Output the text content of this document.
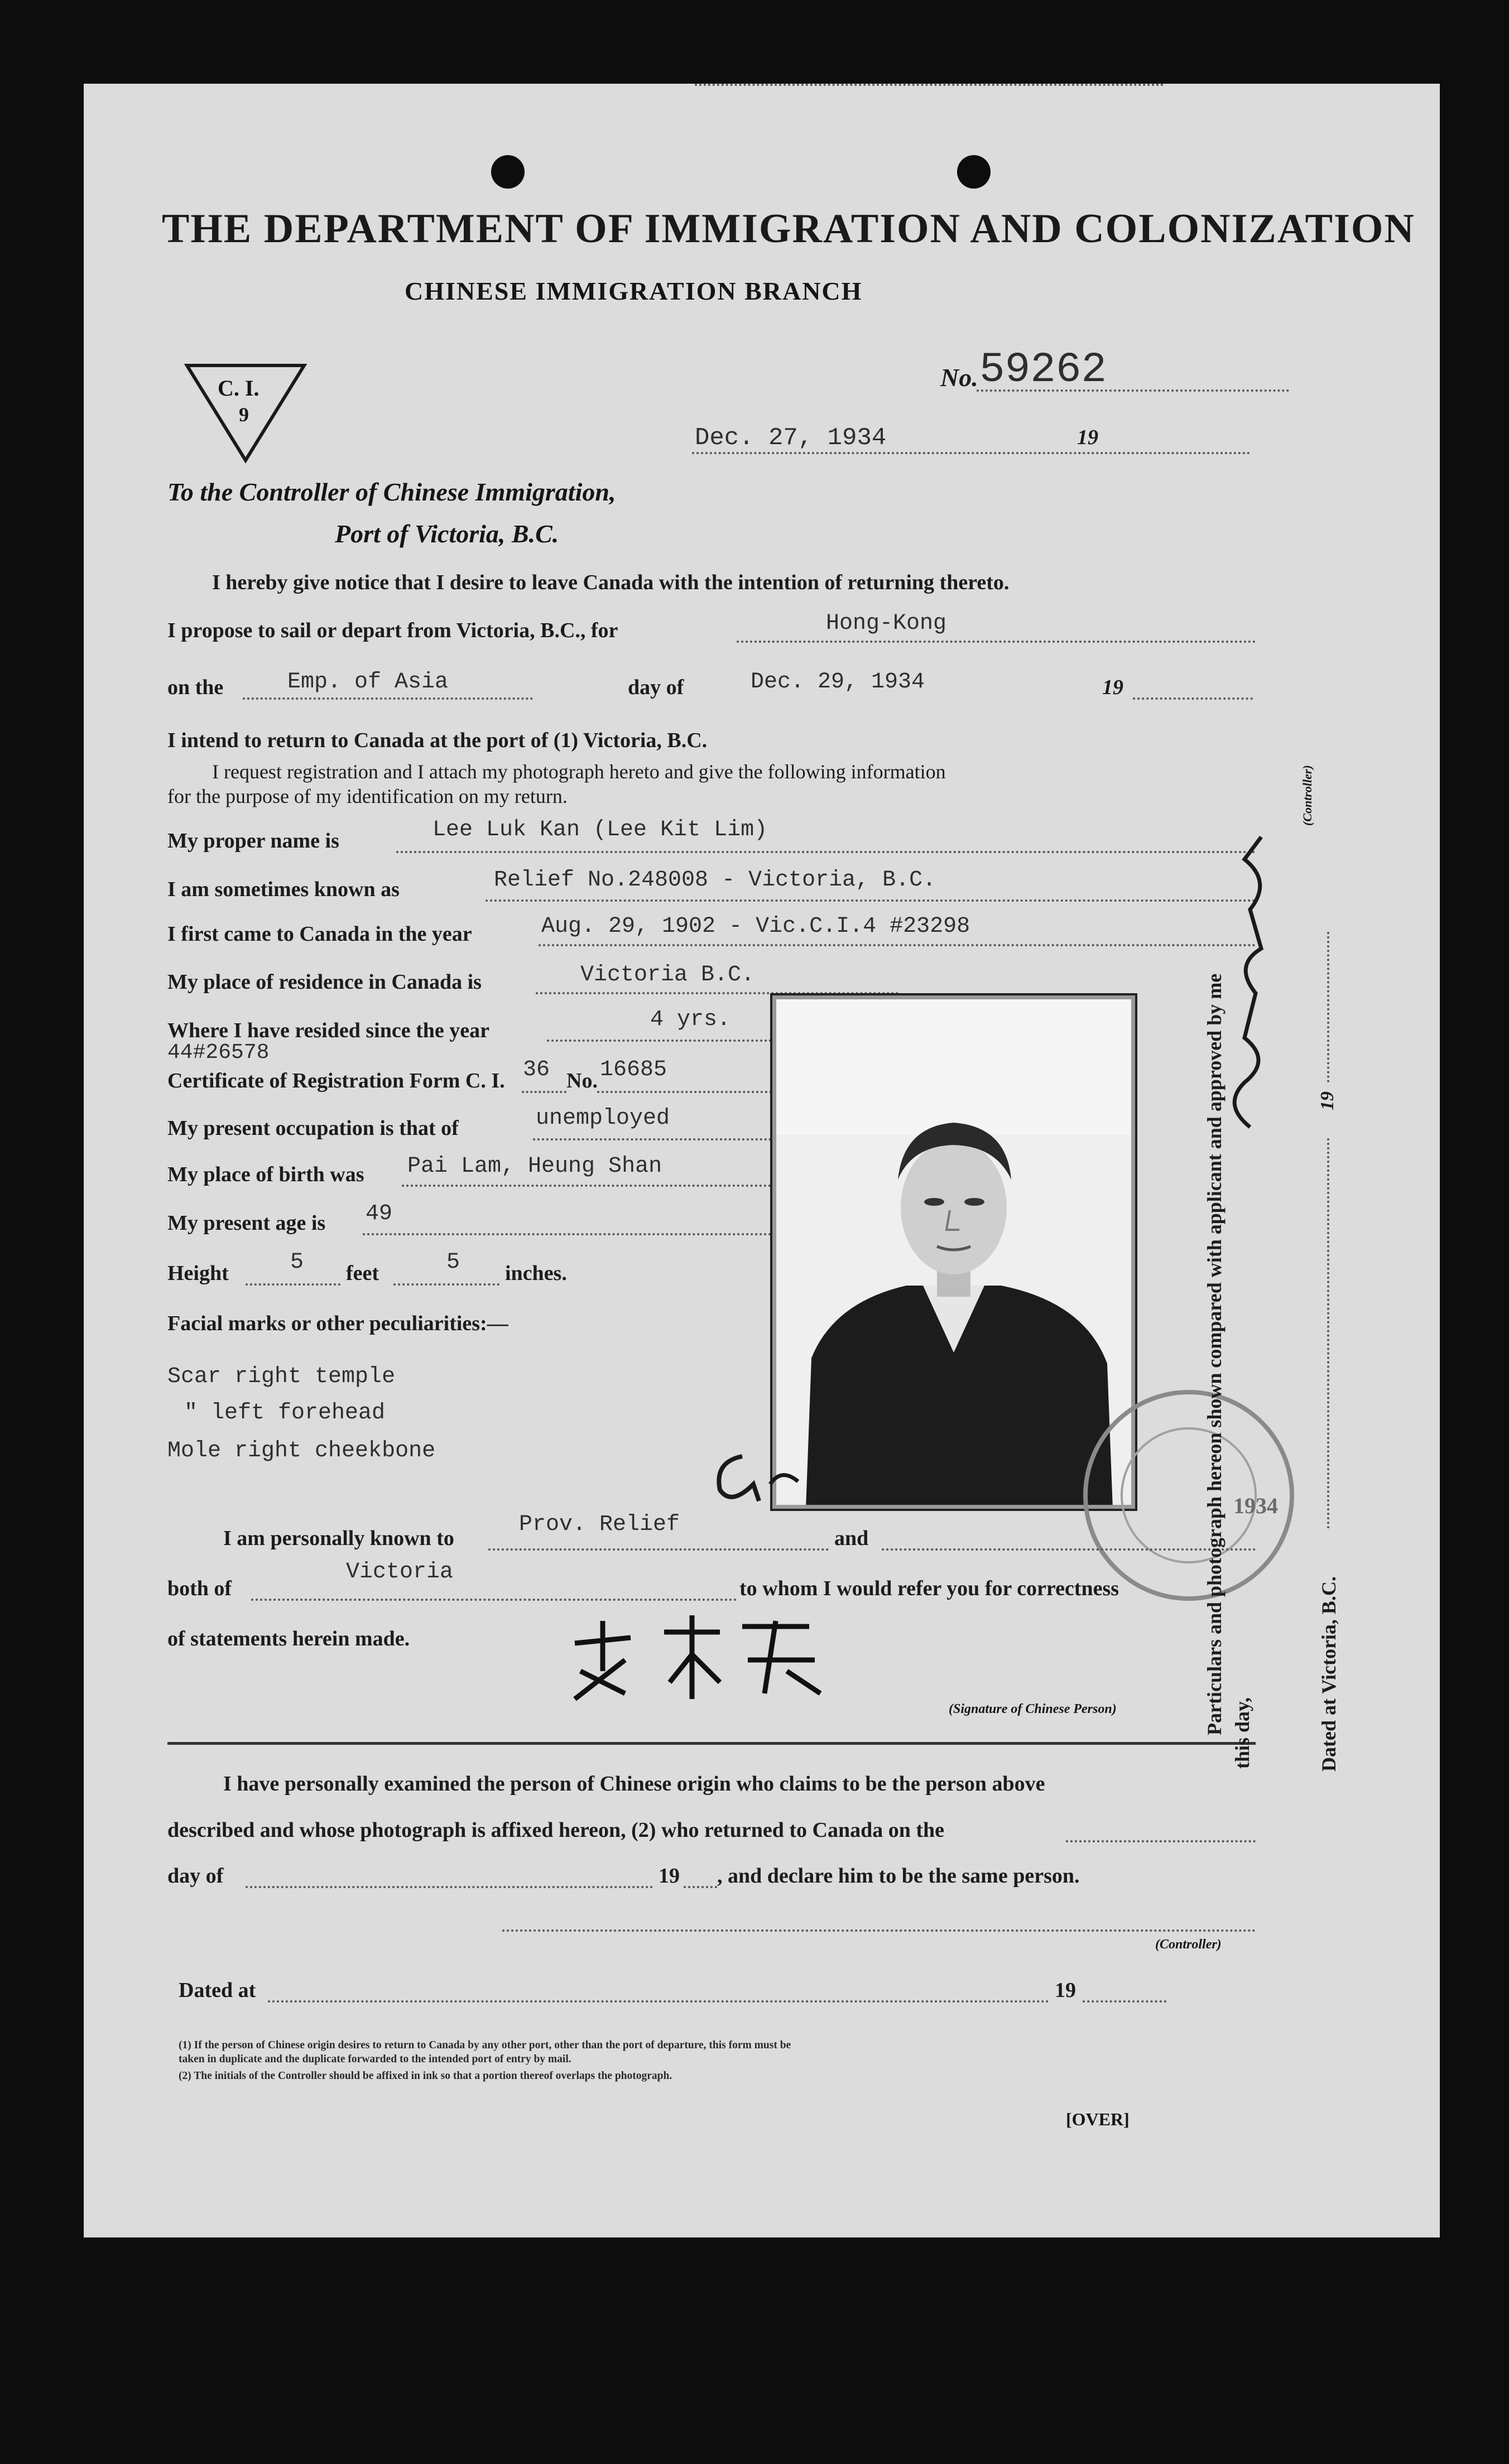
THE DEPARTMENT OF IMMIGRATION AND COLONIZATION
CHINESE IMMIGRATION BRANCH
C. I.
9
No. 59262
Dec. 27, 1934	19
To the Controller of Chinese Immigration,
Port of Victoria, B.C.
I hereby give notice that I desire to leave Canada with the intention of returning thereto.
I propose to sail or depart from Victoria, B.C., for	Hong-Kong
on the	Emp. of Asia	day of	Dec. 29, 1934	19
I intend to return to Canada at the port of (1) Victoria, B.C.
I request registration and I attach my photograph hereto and give the following information
for the purpose of my identification on my return.
My proper name is	Lee Luk Kan (Lee Kit Lim)
I am sometimes known as	Relief No.248008 - Victoria, B.C.
I first came to Canada in the year	Aug. 29, 1902 - Vic.C.I.4 #23298
My place of residence in Canada is	Victoria B.C.
Where I have resided since the year	4 yrs.
44#26578
Certificate of Registration Form C. I. 36 No. 16685
My present occupation is that of	unemployed
My place of birth was Pai Lam, Heung Shan
My present age is 49
Height	5 feet	5 inches.
Facial marks or other peculiarities:—
Scar right temple
" left forehead
Mole right cheekbone
1934
I am personally known to
Prov. Relief
and
both of
Victoria
to whom I would refer you for correctness
of statements herein made.
(Signature of Chinese Person)
I have personally examined the person of Chinese origin who claims to be the person above
described and whose photograph is affixed hereon, (2) who returned to Canada on the
day of	19 , and declare him to be the same person.
(Controller)
Dated at	19
(1) If the person of Chinese origin desires to return to Canada by any other port, other than the port of departure, this form must be
taken in duplicate and the duplicate forwarded to the intended port of entry by mail.
(2) The initials of the Controller should be affixed in ink so that a portion thereof overlaps the photograph.
[OVER]
Particulars and photograph hereon shown compared with applicant and approved by me this day,
(Controller)
Dated at Victoria, B.C.
19
